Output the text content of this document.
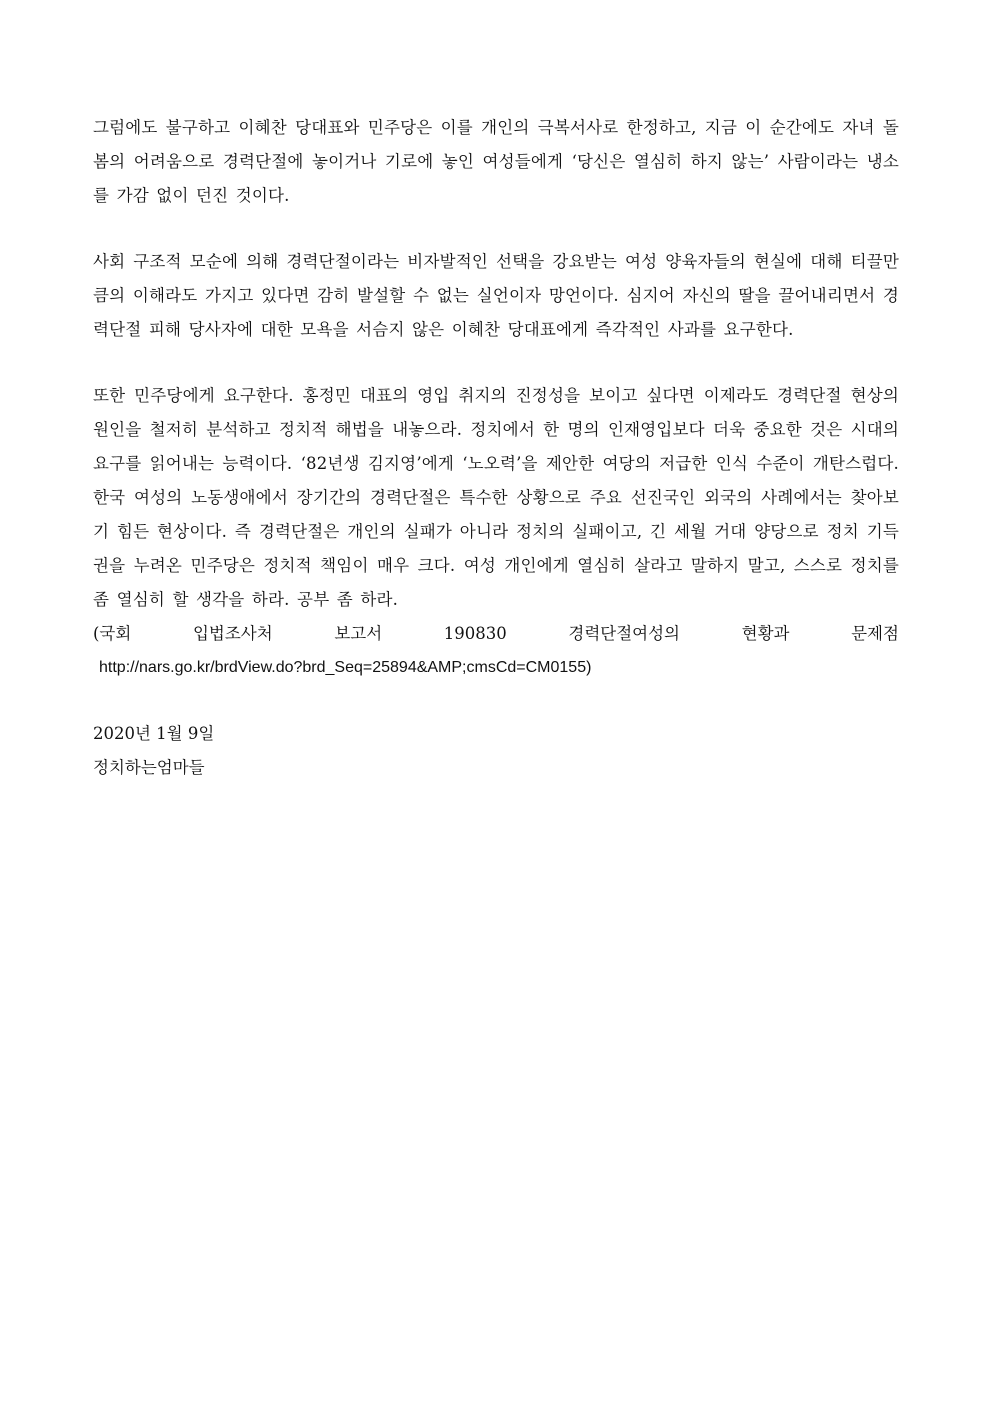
그럼에도 불구하고 이혜찬 당대표와 민주당은 이를 개인의 극복서사로 한정하고, 지금 이 순간에도 자녀 돌봄의 어려움으로 경력단절에 놓이거나 기로에 놓인 여성들에게 ‘당신은 열심히 하지 않는’ 사람이라는 냉소를 가감 없이 던진 것이다.

사회 구조적 모순에 의해 경력단절이라는 비자발적인 선택을 강요받는 여성 양육자들의 현실에 대해 티끌만큼의 이해라도 가지고 있다면 감히 발설할 수 없는 실언이자 망언이다. 심지어 자신의 딸을 끌어내리면서 경력단절 피해 당사자에 대한 모욕을 서슴지 않은 이혜찬 당대표에게 즉각적인 사과를 요구한다.

또한 민주당에게 요구한다. 홍정민 대표의 영입 취지의 진정성을 보이고 싶다면 이제라도 경력단절 현상의 원인을 철저히 분석하고 정치적 해법을 내놓으라. 정치에서 한 명의 인재영입보다 더욱 중요한 것은 시대의 요구를 읽어내는 능력이다. ‘82년생 김지영’에게 ‘노오력’을 제안한 여당의 저급한 인식 수준이 개탄스럽다. 한국 여성의 노동생애에서 장기간의 경력단절은 특수한 상황으로 주요 선진국인 외국의 사례에서는 찾아보기 힘든 현상이다. 즉 경력단절은 개인의 실패가 아니라 정치의 실패이고, 긴 세월 거대 양당으로 정치 기득권을 누려온 민주당은 정치적 책임이 매우 크다. 여성 개인에게 열심히 살라고 말하지 말고, 스스로 정치를 좀 열심히 할 생각을 하라. 공부 좀 하라.

(국회	입법조사처	보고서	190830	경력단절여성의	현황과	문제점
http://nars.go.kr/brdView.do?brd_Seq=25894&AMP;cmsCd=CM0155)
2020년 1월 9일
정치하는엄마들
